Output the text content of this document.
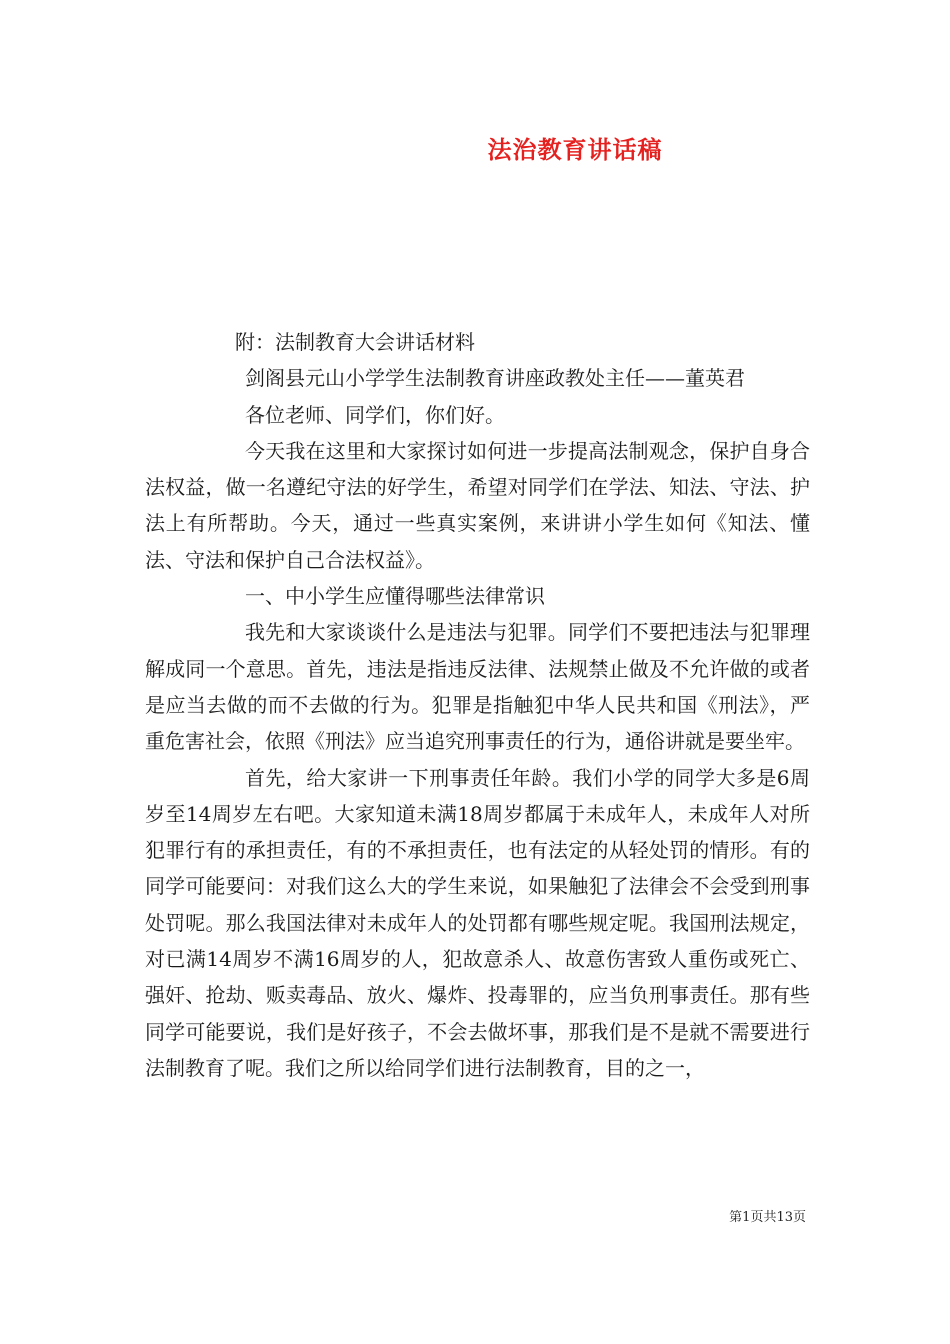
法治教育讲话稿

附：法制教育大会讲话材料

剑阁县元山小学学生法制教育讲座政教处主任——董英君

各位老师、同学们，你们好。

今天我在这里和大家探讨如何进一步提高法制观念，保护自身合法权益，做一名遵纪守法的好学生，希望对同学们在学法、知法、守法、护法上有所帮助。今天，通过一些真实案例，来讲讲小学生如何《知法、懂法、守法和保护自己合法权益》。

一、中小学生应懂得哪些法律常识

我先和大家谈谈什么是违法与犯罪。同学们不要把违法与犯罪理解成同一个意思。首先，违法是指违反法律、法规禁止做及不允许做的或者是应当去做的而不去做的行为。犯罪是指触犯中华人民共和国《刑法》，严重危害社会，依照《刑法》应当追究刑事责任的行为，通俗讲就是要坐牢。

首先，给大家讲一下刑事责任年龄。我们小学的同学大多是6周岁至14周岁左右吧。大家知道未满18周岁都属于未成年人，未成年人对所犯罪行有的承担责任，有的不承担责任，也有法定的从轻处罚的情形。有的同学可能要问：对我们这么大的学生来说，如果触犯了法律会不会受到刑事处罚呢。那么我国法律对未成年人的处罚都有哪些规定呢。我国刑法规定，对已满14周岁不满16周岁的人，犯故意杀人、故意伤害致人重伤或死亡、强奸、抢劫、贩卖毒品、放火、爆炸、投毒罪的，应当负刑事责任。那有些同学可能要说，我们是好孩子，不会去做坏事，那我们是不是就不需要进行法制教育了呢。我们之所以给同学们进行法制教育，目的之一，

第1页共13页
